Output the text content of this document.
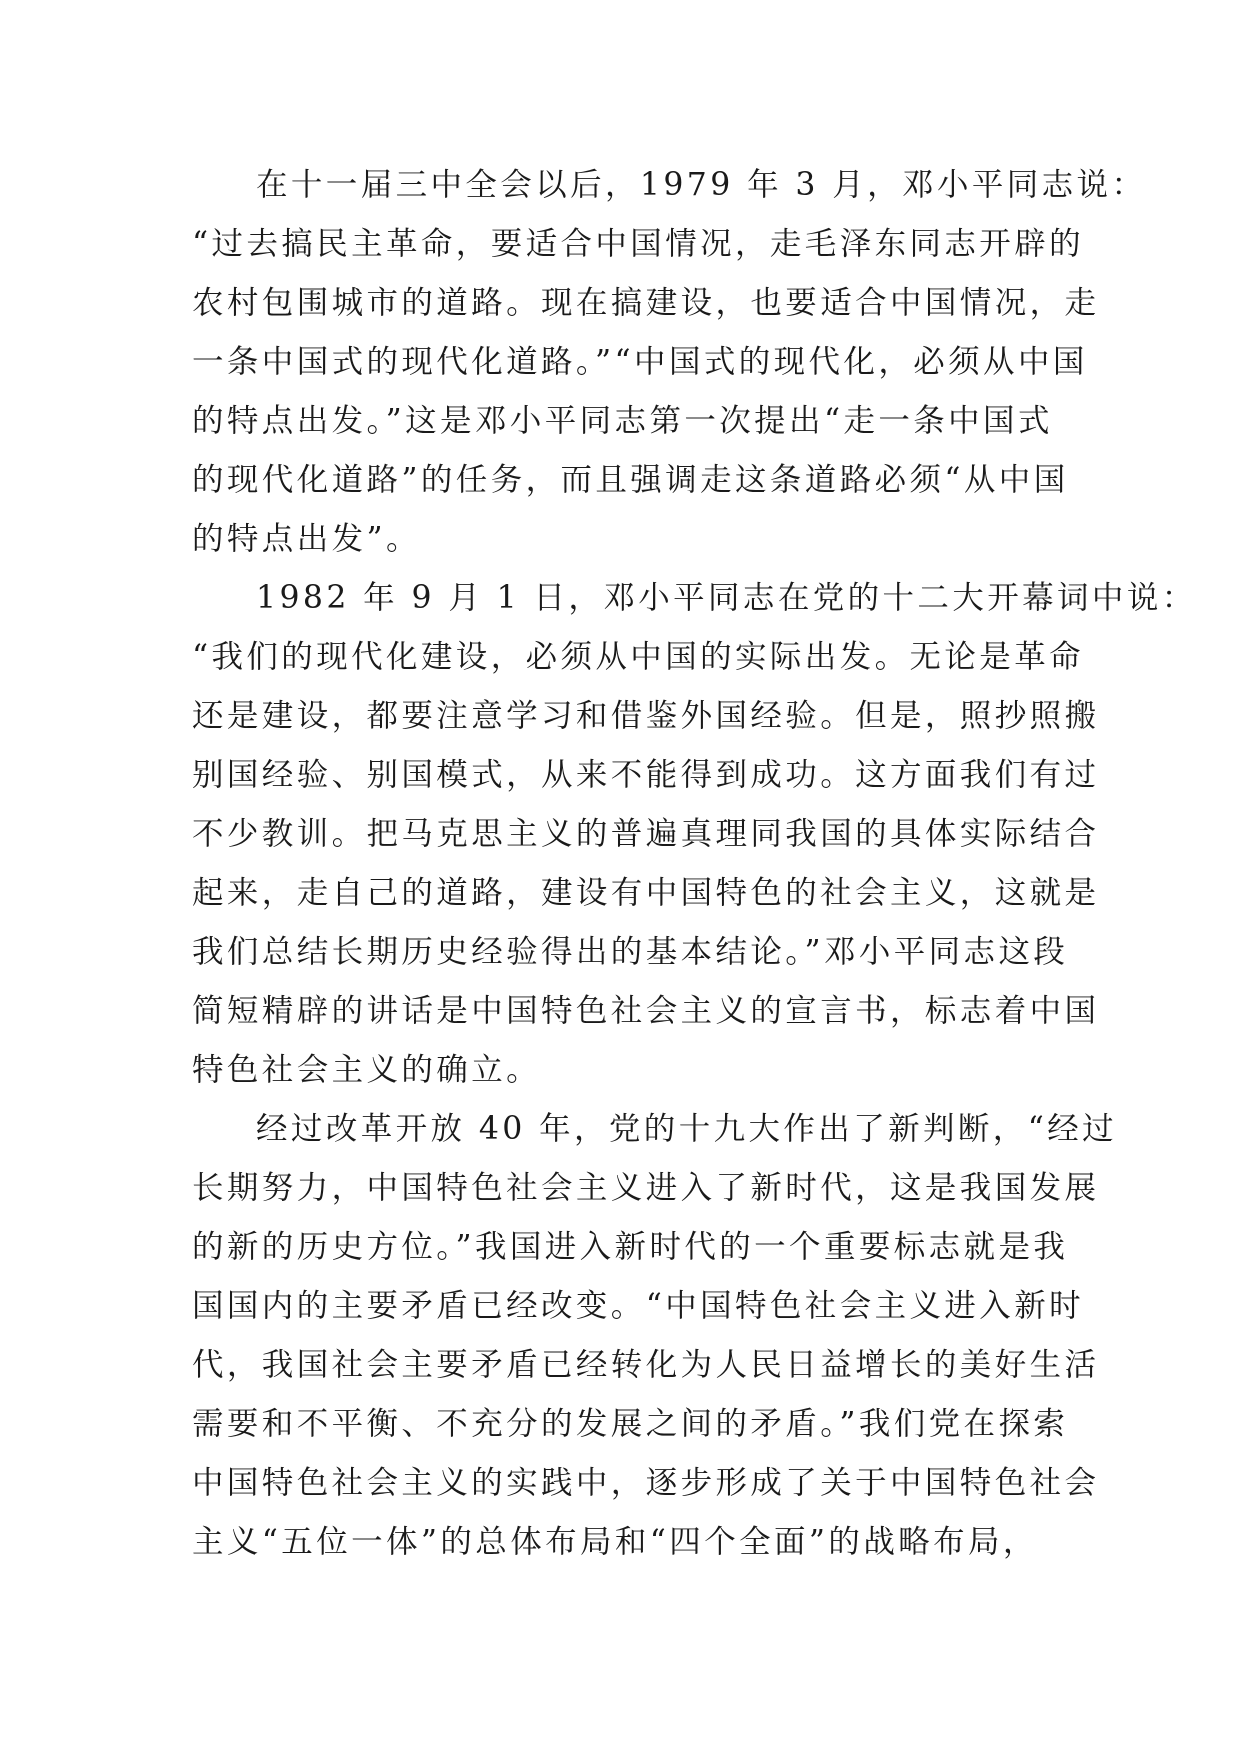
在十一届三中全会以后，1979 年 3 月，邓小平同志说：
“过去搞民主革命，要适合中国情况，走毛泽东同志开辟的
农村包围城市的道路。现在搞建设，也要适合中国情况，走
一条中国式的现代化道路。”“中国式的现代化，必须从中国
的特点出发。”这是邓小平同志第一次提出“走一条中国式
的现代化道路”的任务，而且强调走这条道路必须“从中国
的特点出发”。
1982 年 9 月 1 日，邓小平同志在党的十二大开幕词中说：
“我们的现代化建设，必须从中国的实际出发。无论是革命
还是建设，都要注意学习和借鉴外国经验。但是，照抄照搬
别国经验、别国模式，从来不能得到成功。这方面我们有过
不少教训。把马克思主义的普遍真理同我国的具体实际结合
起来，走自己的道路，建设有中国特色的社会主义，这就是
我们总结长期历史经验得出的基本结论。”邓小平同志这段
简短精辟的讲话是中国特色社会主义的宣言书，标志着中国
特色社会主义的确立。
经过改革开放 40 年，党的十九大作出了新判断，“经过
长期努力，中国特色社会主义进入了新时代，这是我国发展
的新的历史方位。”我国进入新时代的一个重要标志就是我
国国内的主要矛盾已经改变。“中国特色社会主义进入新时
代，我国社会主要矛盾已经转化为人民日益增长的美好生活
需要和不平衡、不充分的发展之间的矛盾。”我们党在探索
中国特色社会主义的实践中，逐步形成了关于中国特色社会
主义“五位一体”的总体布局和“四个全面”的战略布局，
